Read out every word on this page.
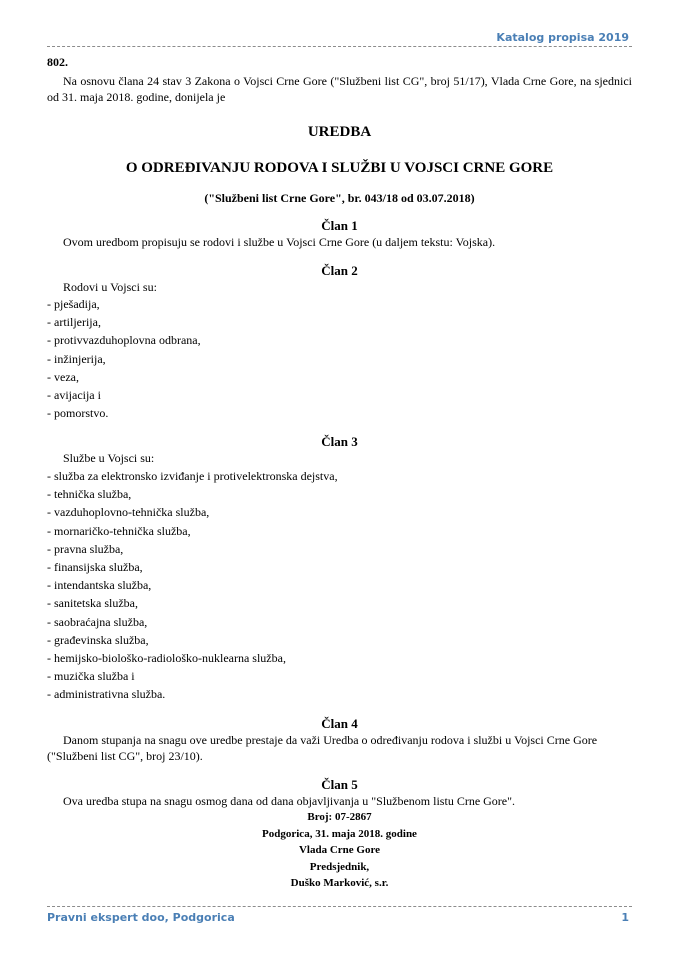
Katalog propisa 2019
802.

Na osnovu člana 24 stav 3 Zakona o Vojsci Crne Gore ("Službeni list CG", broj 51/17), Vlada Crne Gore, na sjednici od 31. maja 2018. godine, donijela je

UREDBA
O ODREĐIVANJU RODOVA I SLUŽBI U VOJSCI CRNE GORE
("Službeni list Crne Gore", br. 043/18 od 03.07.2018)
Član 1

Ovom uredbom propisuju se rodovi i službe u Vojsci Crne Gore (u daljem tekstu: Vojska).

Član 2

Rodovi u Vojsci su:

- pješadija,
- artiljerija,
- protivvazduhoplovna odbrana,
- inžinjerija,
- veza,
- avijacija i
- pomorstvo.
Član 3

Službe u Vojsci su:

- služba za elektronsko izviđanje i protivelektronska dejstva,
- tehnička služba,
- vazduhoplovno-tehnička služba,
- mornaričko-tehnička služba,
- pravna služba,
- finansijska služba,
- intendantska služba,
- sanitetska služba,
- saobraćajna služba,
- građevinska služba,
- hemijsko-biološko-radiološko-nuklearna služba,
- muzička služba i
- administrativna služba.
Član 4

Danom stupanja na snagu ove uredbe prestaje da važi Uredba o određivanju rodova i službi u Vojsci Crne Gore ("Službeni list CG", broj 23/10).

Član 5

Ova uredba stupa na snagu osmog dana od dana objavljivanja u "Službenom listu Crne Gore".

Broj: 07-2867
Podgorica, 31. maja 2018. godine
Vlada Crne Gore
Predsjednik,
Duško Marković, s.r.
Pravni ekspert doo, Podgorica	1
